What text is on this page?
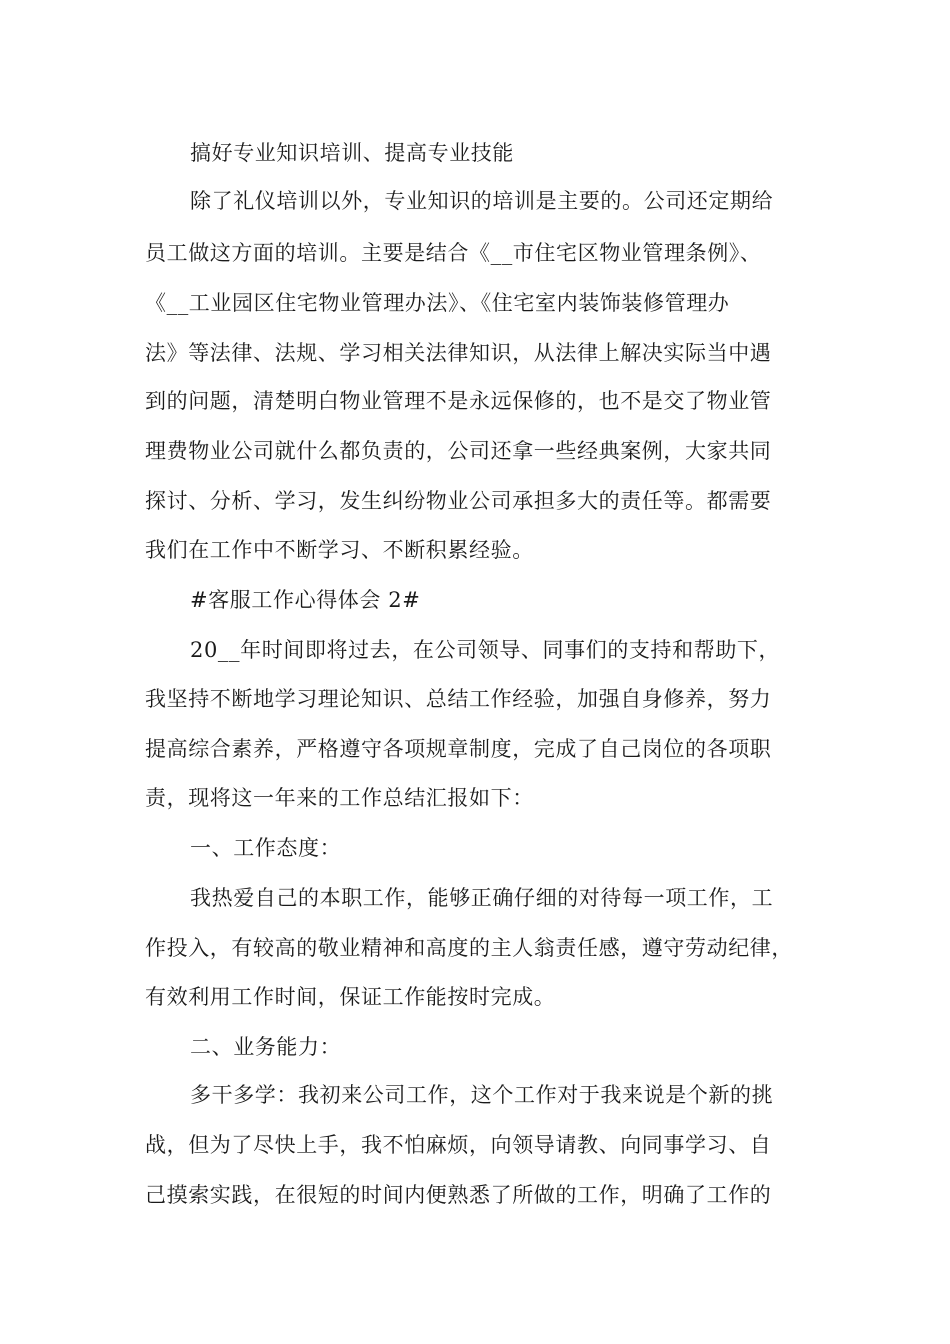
搞好专业知识培训、提高专业技能
除了礼仪培训以外，专业知识的培训是主要的。公司还定期给
员工做这方面的培训。主要是结合《__市住宅区物业管理条例》、
《__工业园区住宅物业管理办法》、《住宅室内装饰装修管理办
法》等法律、法规、学习相关法律知识，从法律上解决实际当中遇
到的问题，清楚明白物业管理不是永远保修的，也不是交了物业管
理费物业公司就什么都负责的，公司还拿一些经典案例，大家共同
探讨、分析、学习，发生纠纷物业公司承担多大的责任等。都需要
我们在工作中不断学习、不断积累经验。
#客服工作心得体会 2#
20__年时间即将过去，在公司领导、同事们的支持和帮助下，
我坚持不断地学习理论知识、总结工作经验，加强自身修养，努力
提高综合素养，严格遵守各项规章制度，完成了自己岗位的各项职
责，现将这一年来的工作总结汇报如下：
一、工作态度：
我热爱自己的本职工作，能够正确仔细的对待每一项工作，工
作投入，有较高的敬业精神和高度的主人翁责任感，遵守劳动纪律，
有效利用工作时间，保证工作能按时完成。
二、业务能力：
多干多学：我初来公司工作，这个工作对于我来说是个新的挑
战，但为了尽快上手，我不怕麻烦，向领导请教、向同事学习、自
己摸索实践，在很短的时间内便熟悉了所做的工作，明确了工作的
